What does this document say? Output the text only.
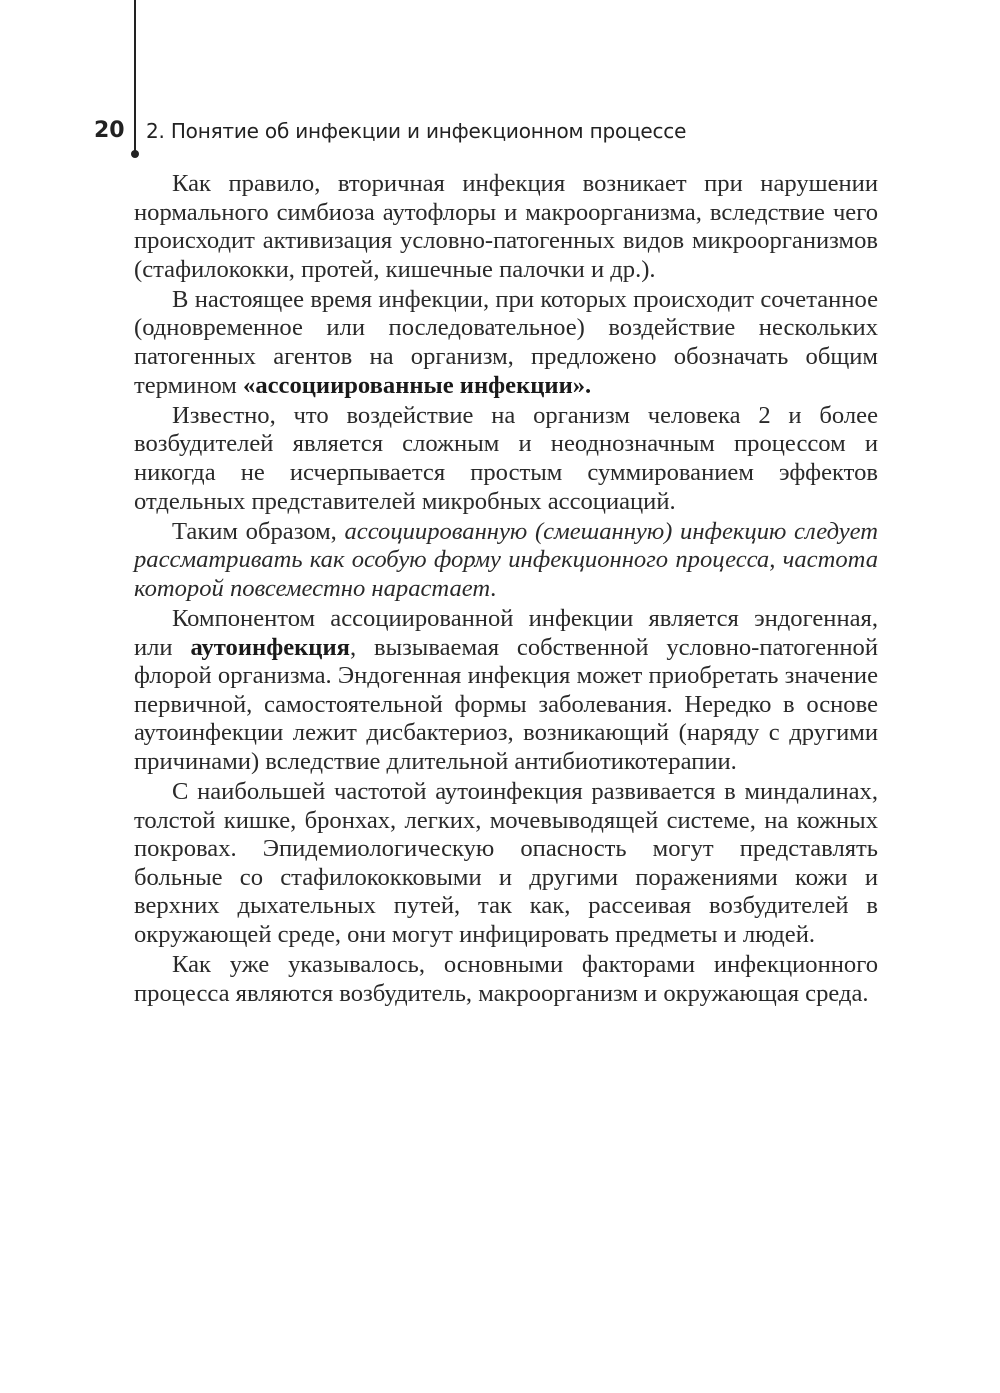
20 2. Понятие об инфекции и инфекционном процессе

Как правило, вторичная инфекция возникает при нарушении нормального симбиоза аутофлоры и макроорганизма, вследствие чего происходит активизация условно-патогенных видов микроорганизмов (стафилококки, протей, кишечные палочки и др.).

В настоящее время инфекции, при которых происходит сочетанное (одновременное или последовательное) воздействие нескольких патогенных агентов на организм, предложено обозначать общим термином «ассоциированные инфекции».

Известно, что воздействие на организм человека 2 и более возбудителей является сложным и неоднозначным процессом и никогда не исчерпывается простым суммированием эффектов отдельных представителей микробных ассоциаций.

Таким образом, ассоциированную (смешанную) инфекцию следует рассматривать как особую форму инфекционного процесса, частота которой повсеместно нарастает.

Компонентом ассоциированной инфекции является эндогенная, или аутоинфекция, вызываемая собственной условно-патогенной флорой организма. Эндогенная инфекция может приобретать значение первичной, самостоятельной формы заболевания. Нередко в основе аутоинфекции лежит дисбактериоз, возникающий (наряду с другими причинами) вследствие длительной антибиотикотерапии.

С наибольшей частотой аутоинфекция развивается в миндалинах, толстой кишке, бронхах, легких, мочевыводящей системе, на кожных покровах. Эпидемиологическую опасность могут представлять больные со стафилококковыми и другими поражениями кожи и верхних дыхательных путей, так как, рассеивая возбудителей в окружающей среде, они могут инфицировать предметы и людей.

Как уже указывалось, основными факторами инфекционного процесса являются возбудитель, макроорганизм и окружающая среда.
